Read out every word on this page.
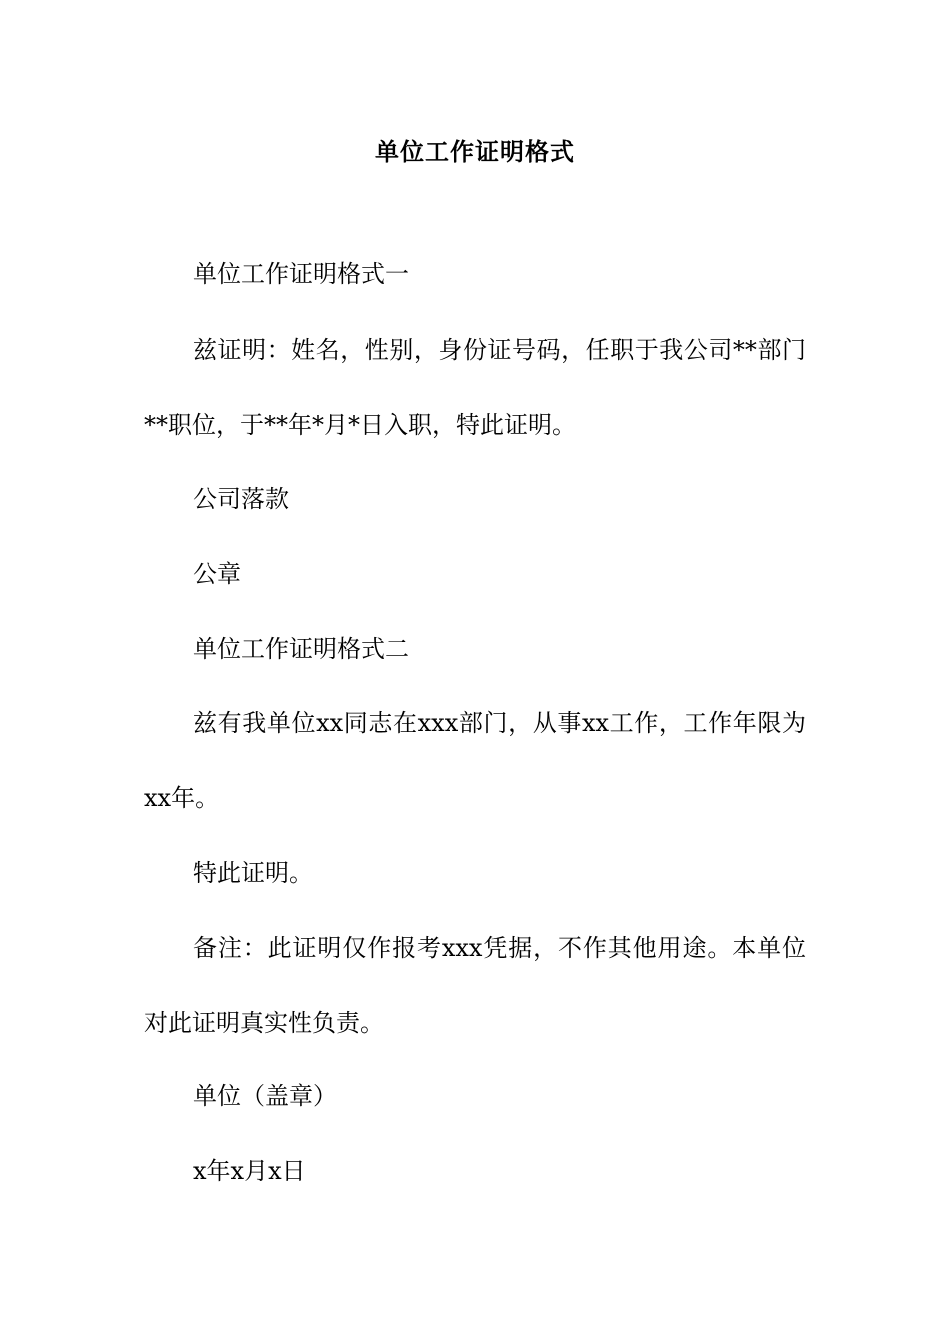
单位工作证明格式

单位工作证明格式一

兹证明：姓名，性别，身份证号码，任职于我公司**部门**职位，于**年*月*日入职，特此证明。

公司落款

公章

单位工作证明格式二

兹有我单位xx同志在xxx部门，从事xx工作，工作年限为xx年。

特此证明。

备注：此证明仅作报考xxx凭据，不作其他用途。本单位对此证明真实性负责。

单位（盖章）

x年x月x日
